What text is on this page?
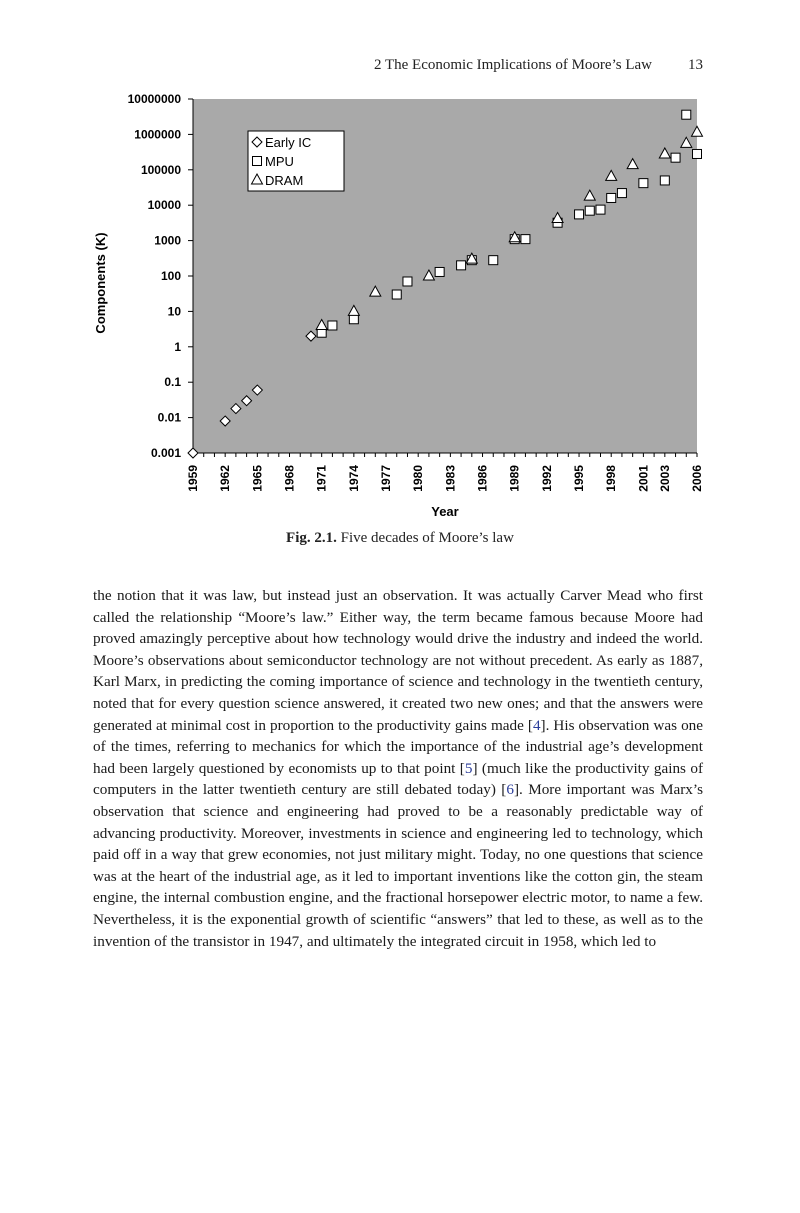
2 The Economic Implications of Moore’s Law 13
Early IC
MPU
DRAM
10000000
1000000
100000
10000
1000
100
10
1
0.1
0.01
0.001
1959 1962 1965 1968 1971 1974 1977 1980 1983 1986 1989 1992 1995 1998 2001 2003 2006
Year
Components (K)
Fig. 2.1. Five decades of Moore’s law

the notion that it was law, but instead just an observation. It was actually Carver Mead who first called the relationship “Moore’s law.” Either way, the term became famous because Moore had proved amazingly perceptive about how technology would drive the industry and indeed the world. Moore’s observations about semiconductor technology are not without precedent. As early as 1887, Karl Marx, in predicting the coming importance of science and technology in the twentieth century, noted that for every question science answered, it created two new ones; and that the answers were generated at minimal cost in proportion to the productivity gains made [4]. His observation was one of the times, referring to mechanics for which the importance of the industrial age’s development had been largely questioned by economists up to that point [5] (much like the productivity gains of computers in the latter twentieth century are still debated today) [6]. More important was Marx’s observation that science and engineering had proved to be a reasonably predictable way of advancing productivity. Moreover, investments in science and engineering led to technology, which paid off in a way that grew economies, not just military might. Today, no one questions that science was at the heart of the industrial age, as it led to important inventions like the cotton gin, the steam engine, the internal combustion engine, and the fractional horsepower electric motor, to name a few. Nevertheless, it is the exponential growth of scientific “answers” that led to these, as well as to the invention of the transistor in 1947, and ultimately the integrated circuit in 1958, which led to
